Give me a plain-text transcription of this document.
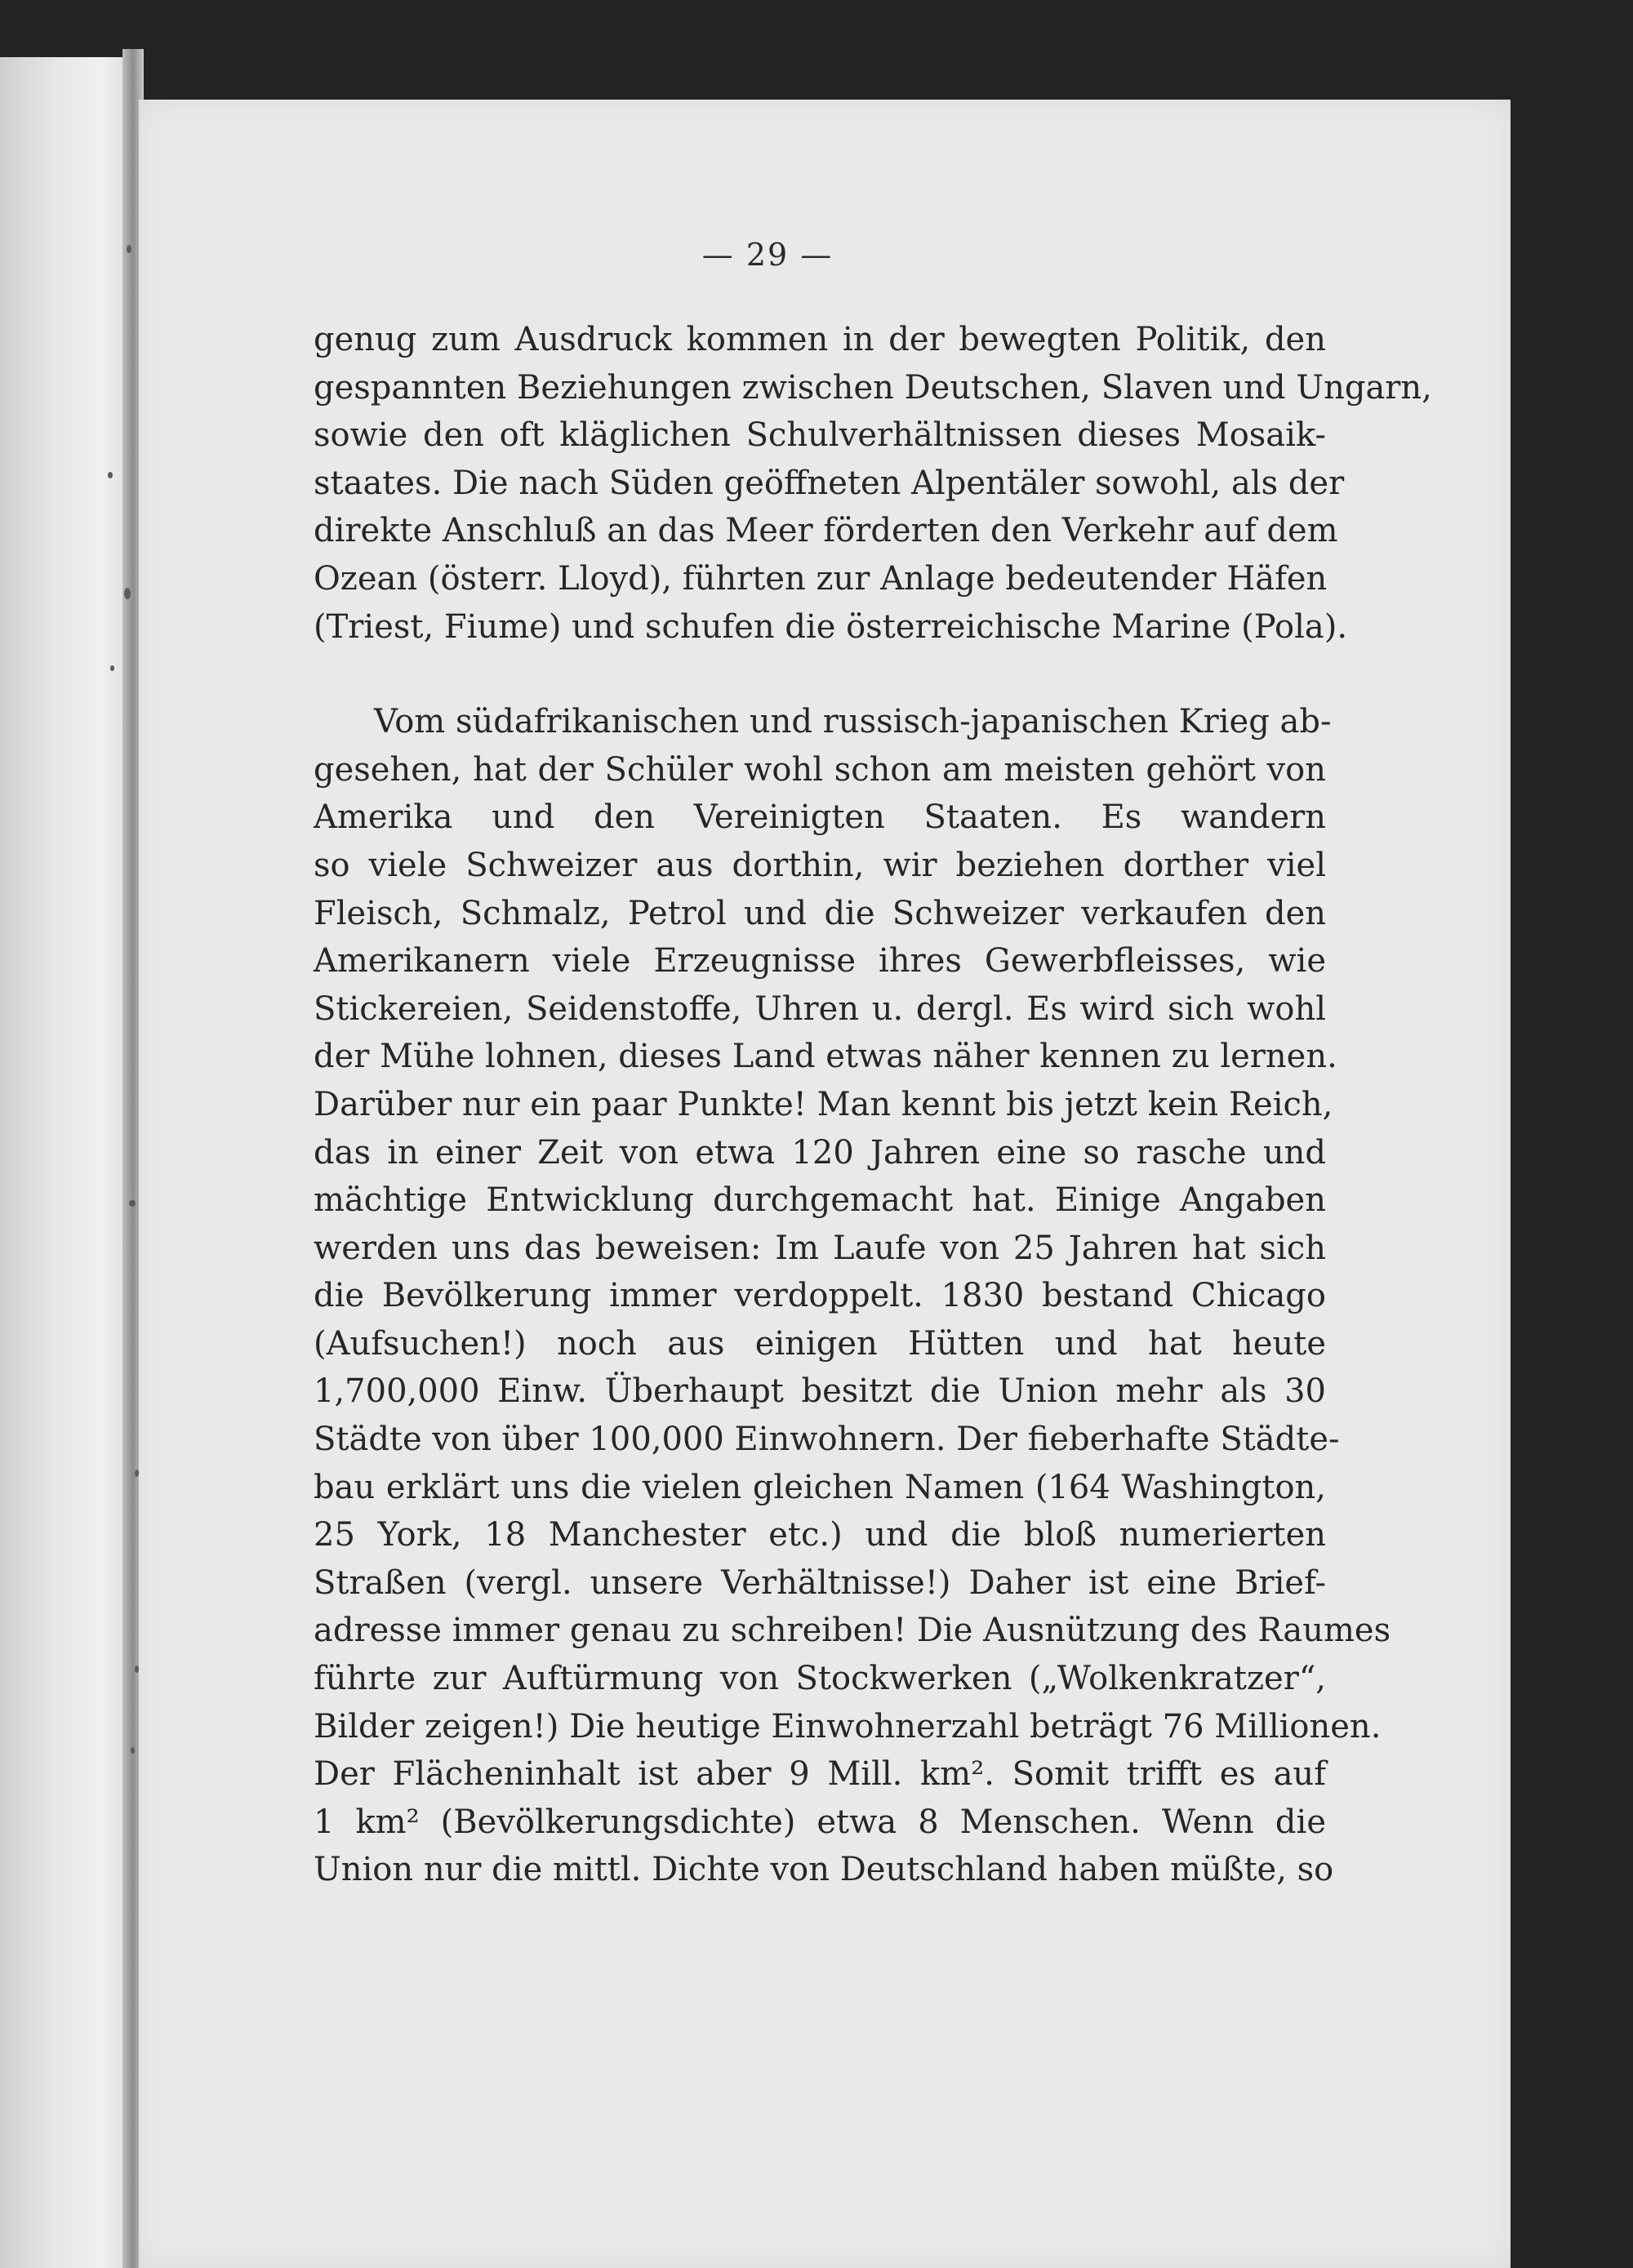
— 29 —
genug zum Ausdruck kommen in der bewegten Politik, den
gespannten Beziehungen zwischen Deutschen, Slaven und Ungarn,
sowie den oft kläglichen Schulverhältnissen dieses Mosaik-
staates. Die nach Süden geöffneten Alpentäler sowohl, als der
direkte Anschluß an das Meer förderten den Verkehr auf dem
Ozean (österr. Lloyd), führten zur Anlage bedeutender Häfen
(Triest, Fiume) und schufen die österreichische Marine (Pola).
Vom südafrikanischen und russisch-japanischen Krieg ab-
gesehen, hat der Schüler wohl schon am meisten gehört von
Amerika und den Vereinigten Staaten. Es wandern
so viele Schweizer aus dorthin, wir beziehen dorther viel
Fleisch, Schmalz, Petrol und die Schweizer verkaufen den
Amerikanern viele Erzeugnisse ihres Gewerbfleisses, wie
Stickereien, Seidenstoffe, Uhren u. dergl. Es wird sich wohl
der Mühe lohnen, dieses Land etwas näher kennen zu lernen.
Darüber nur ein paar Punkte! Man kennt bis jetzt kein Reich,
das in einer Zeit von etwa 120 Jahren eine so rasche und
mächtige Entwicklung durchgemacht hat. Einige Angaben
werden uns das beweisen: Im Laufe von 25 Jahren hat sich
die Bevölkerung immer verdoppelt. 1830 bestand Chicago
(Aufsuchen!) noch aus einigen Hütten und hat heute
1,700,000 Einw. Überhaupt besitzt die Union mehr als 30
Städte von über 100,000 Einwohnern. Der fieberhafte Städte-
bau erklärt uns die vielen gleichen Namen (164 Washington,
25 York, 18 Manchester etc.) und die bloß numerierten
Straßen (vergl. unsere Verhältnisse!) Daher ist eine Brief-
adresse immer genau zu schreiben! Die Ausnützung des Raumes
führte zur Auftürmung von Stockwerken („Wolkenkratzer“,
Bilder zeigen!) Die heutige Einwohnerzahl beträgt 76 Millionen.
Der Flächeninhalt ist aber 9 Mill. km². Somit trifft es auf
1 km² (Bevölkerungsdichte) etwa 8 Menschen. Wenn die
Union nur die mittl. Dichte von Deutschland haben müßte, so
